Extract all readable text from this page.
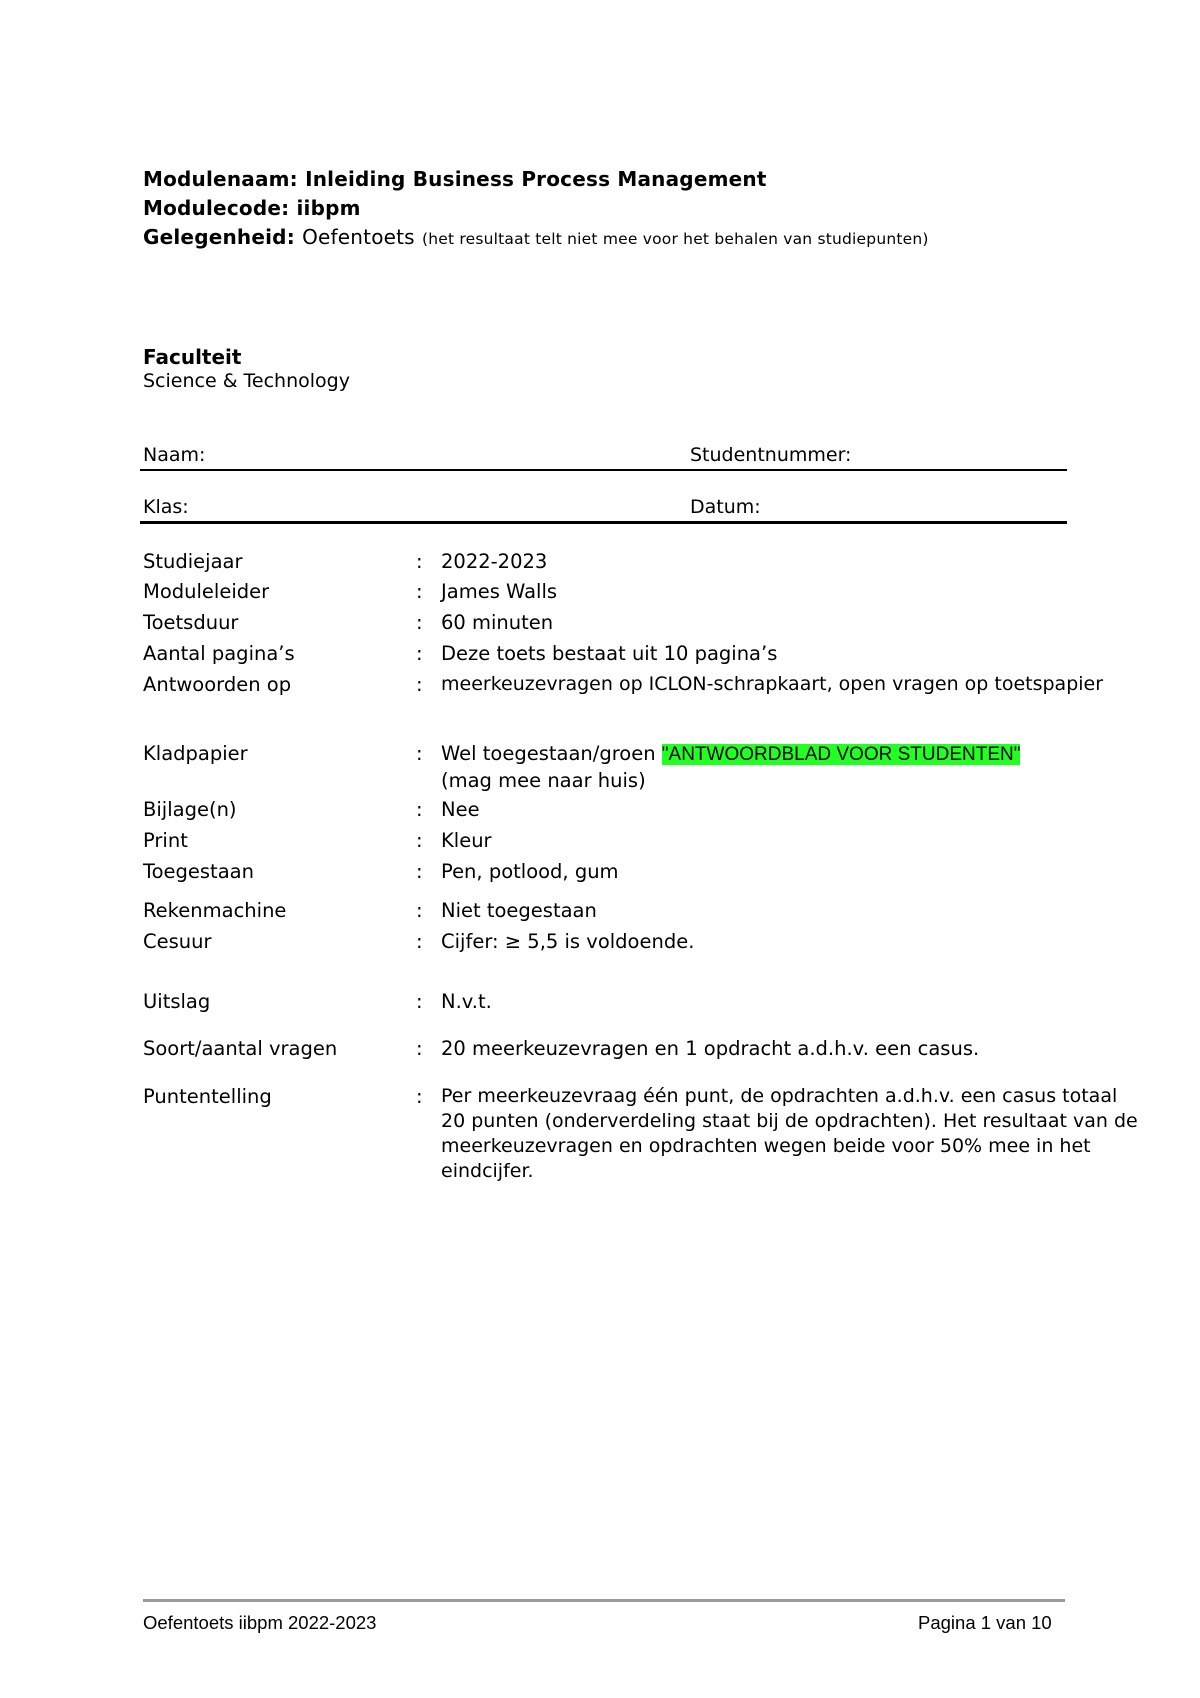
Modulenaam: Inleiding Business Process Management
Modulecode: iibpm
Gelegenheid: Oefentoets (het resultaat telt niet mee voor het behalen van studiepunten)
Faculteit
Science & Technology
Naam:	Studentnummer:
Klas:	Datum:
Studiejaar	: 2022-2023
Moduleleider	: James Walls
Toetsduur	: 60 minuten
Aantal pagina’s	: Deze toets bestaat uit 10 pagina’s
Antwoorden op	: meerkeuzevragen op ICLON-schrapkaart, open vragen op toetspapier
Kladpapier	: Wel toegestaan/groen "ANTWOORDBLAD VOOR STUDENTEN"
(mag mee naar huis)
Bijlage(n)	: Nee
Print	: Kleur
Toegestaan	: Pen, potlood, gum
Rekenmachine	: Niet toegestaan
Cesuur	: Cijfer: ≥ 5,5 is voldoende.
Uitslag	: N.v.t.
Soort/aantal vragen	: 20 meerkeuzevragen en 1 opdracht a.d.h.v. een casus.
Puntentelling	: Per meerkeuzevraag één punt, de opdrachten a.d.h.v. een casus totaal
20 punten (onderverdeling staat bij de opdrachten). Het resultaat van de
meerkeuzevragen en opdrachten wegen beide voor 50% mee in het
eindcijfer.
Oefentoets iibpm 2022-2023	Pagina 1 van 10
